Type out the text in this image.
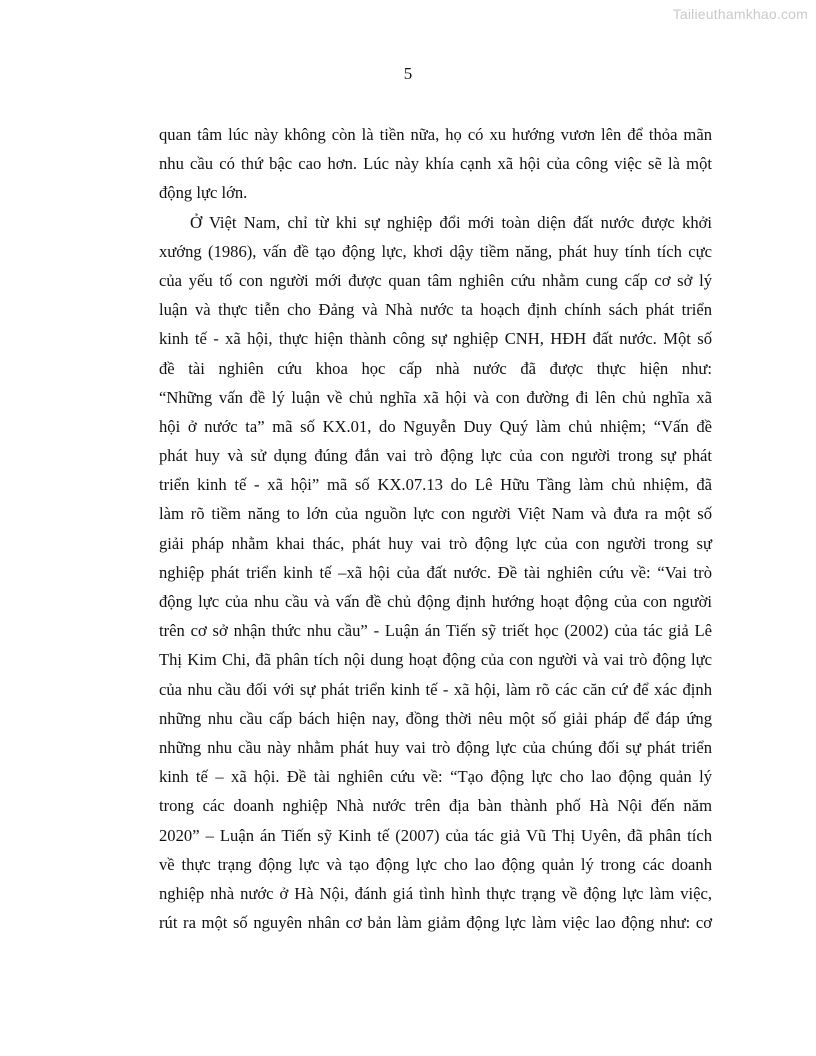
Tailieuthamkhao.com
5
quan tâm lúc này không còn là tiền nữa, họ có xu hướng vươn lên để thỏa mãn
nhu cầu có thứ bậc cao hơn. Lúc này khía cạnh xã hội của công việc sẽ là một
động lực lớn.
Ở Việt Nam, chỉ từ khi sự nghiệp đổi mới toàn diện đất nước được khởi
xướng (1986), vấn đề tạo động lực, khơi dậy tiềm năng, phát huy tính tích cực
của yếu tố con người mới được quan tâm nghiên cứu nhằm cung cấp cơ sở lý
luận và thực tiễn cho Đảng và Nhà nước ta hoạch định chính sách phát triển
kinh tế - xã hội, thực hiện thành công sự nghiệp CNH, HĐH đất nước. Một số
đề tài nghiên cứu khoa học cấp nhà nước đã được thực hiện như:
“Những vấn đề lý luận về chủ nghĩa xã hội và con đường đi lên chủ nghĩa xã
hội ở nước ta” mã số KX.01, do Nguyễn Duy Quý làm chủ nhiệm; “Vấn đề
phát huy và sử dụng đúng đắn vai trò động lực của con người trong sự phát
triển kinh tế - xã hội” mã số KX.07.13 do Lê Hữu Tầng làm chủ nhiệm, đã
làm rõ tiềm năng to lớn của nguồn lực con người Việt Nam và đưa ra một số
giải pháp nhằm khai thác, phát huy vai trò động lực của con người trong sự
nghiệp phát triển kinh tế –xã hội của đất nước. Đề tài nghiên cứu về: “Vai trò
động lực của nhu cầu và vấn đề chủ động định hướng hoạt động của con người
trên cơ sở nhận thức nhu cầu” - Luận án Tiến sỹ triết học (2002) của tác giả Lê
Thị Kim Chi, đã phân tích nội dung hoạt động của con người và vai trò động lực
của nhu cầu đối với sự phát triển kinh tế - xã hội, làm rõ các căn cứ để xác định
những nhu cầu cấp bách hiện nay, đồng thời nêu một số giải pháp để đáp ứng
những nhu cầu này nhằm phát huy vai trò động lực của chúng đối sự phát triển
kinh tế – xã hội. Đề tài nghiên cứu về: “Tạo động lực cho lao động quản lý
trong các doanh nghiệp Nhà nước trên địa bàn thành phố Hà Nội đến năm
2020” – Luận án Tiến sỹ Kinh tế (2007) của tác giả Vũ Thị Uyên, đã phân tích
về thực trạng động lực và tạo động lực cho lao động quản lý trong các doanh
nghiệp nhà nước ở Hà Nội, đánh giá tình hình thực trạng về động lực làm việc,
rút ra một số nguyên nhân cơ bản làm giảm động lực làm việc lao động như: cơ
